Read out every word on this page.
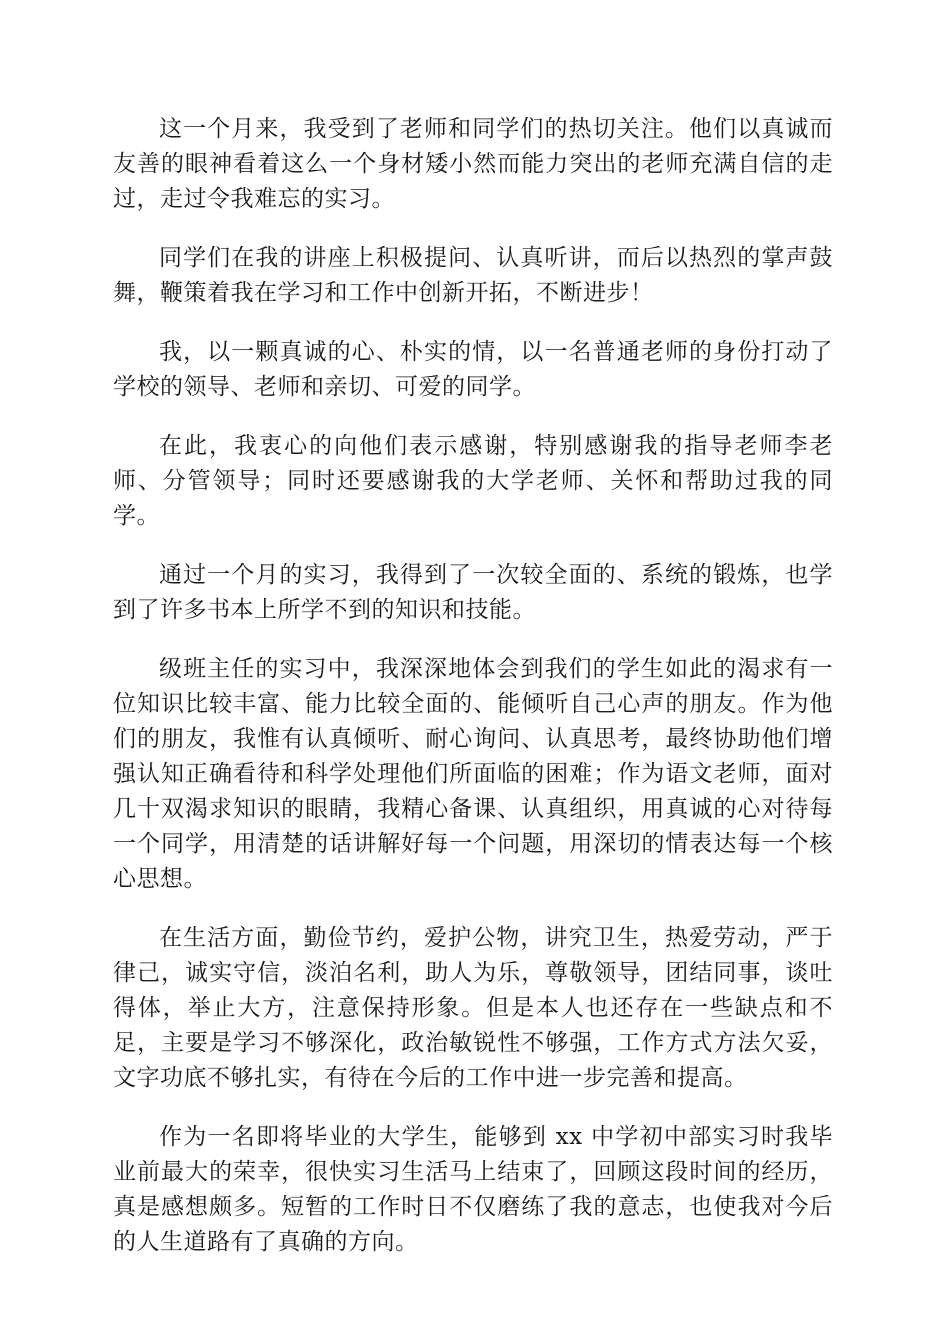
这一个月来，我受到了老师和同学们的热切关注。他们以真诚而友善的眼神看着这么一个身材矮小然而能力突出的老师充满自信的走过，走过令我难忘的实习。

同学们在我的讲座上积极提问、认真听讲，而后以热烈的掌声鼓舞，鞭策着我在学习和工作中创新开拓，不断进步！

我，以一颗真诚的心、朴实的情，以一名普通老师的身份打动了学校的领导、老师和亲切、可爱的同学。

在此，我衷心的向他们表示感谢，特别感谢我的指导老师李老师、分管领导；同时还要感谢我的大学老师、关怀和帮助过我的同学。

通过一个月的实习，我得到了一次较全面的、系统的锻炼，也学到了许多书本上所学不到的知识和技能。

级班主任的实习中，我深深地体会到我们的学生如此的渴求有一位知识比较丰富、能力比较全面的、能倾听自己心声的朋友。作为他们的朋友，我惟有认真倾听、耐心询问、认真思考，最终协助他们增强认知正确看待和科学处理他们所面临的困难；作为语文老师，面对几十双渴求知识的眼睛，我精心备课、认真组织，用真诚的心对待每一个同学，用清楚的话讲解好每一个问题，用深切的情表达每一个核心思想。

在生活方面，勤俭节约，爱护公物，讲究卫生，热爱劳动，严于律己，诚实守信，淡泊名利，助人为乐，尊敬领导，团结同事，谈吐得体，举止大方，注意保持形象。但是本人也还存在一些缺点和不足，主要是学习不够深化，政治敏锐性不够强，工作方式方法欠妥，文字功底不够扎实，有待在今后的工作中进一步完善和提高。

作为一名即将毕业的大学生，能够到 xx 中学初中部实习时我毕业前最大的荣幸，很快实习生活马上结束了，回顾这段时间的经历，真是感想颇多。短暂的工作时日不仅磨练了我的意志，也使我对今后的人生道路有了真确的方向。
